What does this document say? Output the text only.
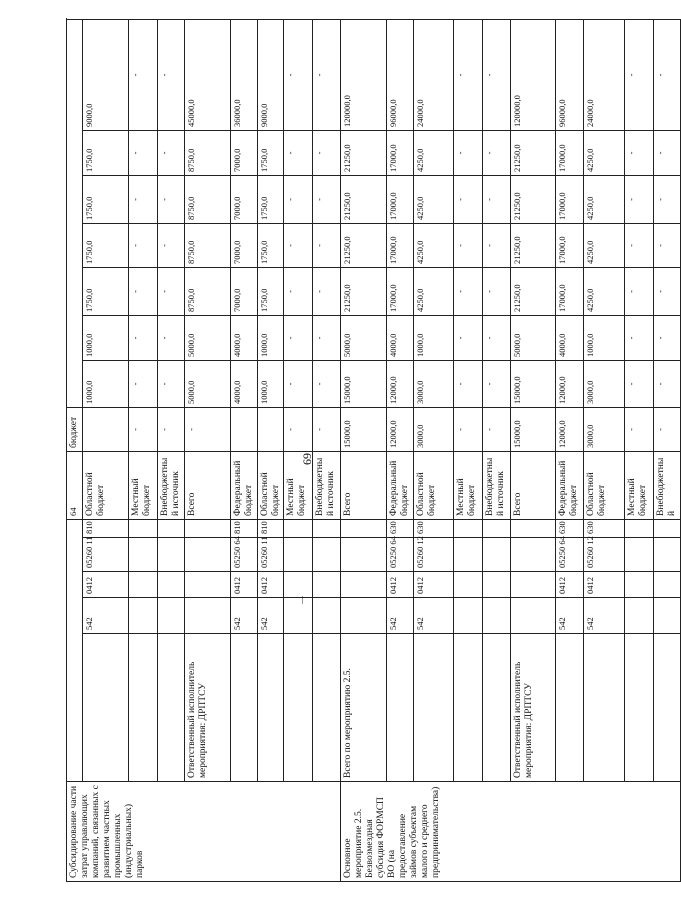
69
Субсидирование части затрат управляющих компаний, связанных с развитием частных промышленных (индустриальных) парков						64	бюджет							
		542	0412	05260 11	810	Областной бюджет		1000,0	1000,0	1750,0	1750,0	1750,0	1750,0	9000,0
						Местный бюджет	-	-	-	-	-	-	-	-
						Внебюджетный источник	-	-	-	-	-	-	-	-
	Ответственный исполнитель мероприятия: ДРПТСУ					Всего	-	5000,0	5000,0	8750,0	8750,0	8750,0	8750,0	45000,0
		542	0412	05250 64	810	Федеральный бюджет		4000,0	4000,0	7000,0	7000,0	7000,0	7000,0	36000,0
		542	0412	05260 11	810	Областной бюджет		1000,0	1000,0	1750,0	1750,0	1750,0	1750,0	9000,0
						Местный бюджет	-	-	-	-	-	-	-	-
						Внебюджетный источник	-	-	-	-	-	-	-	-
Основное мероприятие 2.5. Безвозмездная субсидия ФОРМСП ВО (на предоставление займов субъектам малого и среднего предпринимательства)	Всего по мероприятию 2.5.					Всего	15000,0	15000,0	5000,0	21250,0	21250,0	21250,0	21250,0	120000,0
		542	0412	05250 64	630	Федеральный бюджет	12000,0	12000,0	4000,0	17000,0	17000,0	17000,0	17000,0	96000,0
		542	0412	05260 12	630	Областной бюджет	3000,0	3000,0	1000,0	4250,0	4250,0	4250,0	4250,0	24000,0
						Местный бюджет	-	-	-	-	-	-	-	-
						Внебюджетный источник	-	-	-	-	-	-	-	-
	Ответственный исполнитель мероприятия: ДРПТСУ					Всего	15000,0	15000,0	5000,0	21250,0	21250,0	21250,0	21250,0	120000,0
		542	0412	05250 64	630	Федеральный бюджет	12000,0	12000,0	4000,0	17000,0	17000,0	17000,0	17000,0	96000,0
		542	0412	05260 12	630	Областной бюджет	3000,0	3000,0	1000,0	4250,0	4250,0	4250,0	4250,0	24000,0
						Местный бюджет	-	-	-	-	-	-	-	-
						Внебюджетный	-	-	-	-	-	-	-	-
